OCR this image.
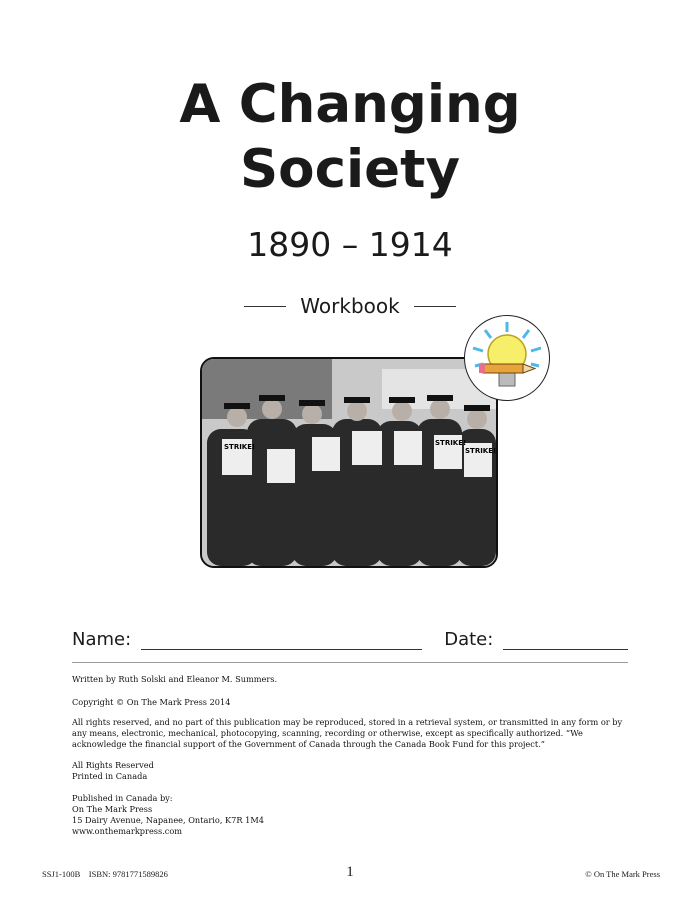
A Changing
Society
1890 – 1914
Workbook
STRIKE!	STRIKE!
STRIKE!
Name:	Date:
Written by Ruth Solski and Eleanor M. Summers.
Copyright © On The Mark Press 2014
All rights reserved, and no part of this publication may be reproduced, stored in a retrieval system, or transmitted in any form or by any means, electronic, mechanical, photocopying, scanning, recording or otherwise, except as specifically authorized. “We acknowledge the financial support of the Government of Canada through the Canada Book Fund for this project.”
All Rights Reserved
Printed in Canada
Published in Canada by:
On The Mark Press
15 Dairy Avenue, Napanee, Ontario, K7R 1M4
www.onthemarkpress.com
SSJ1-100B ISBN: 9781771589826	1	© On The Mark Press
